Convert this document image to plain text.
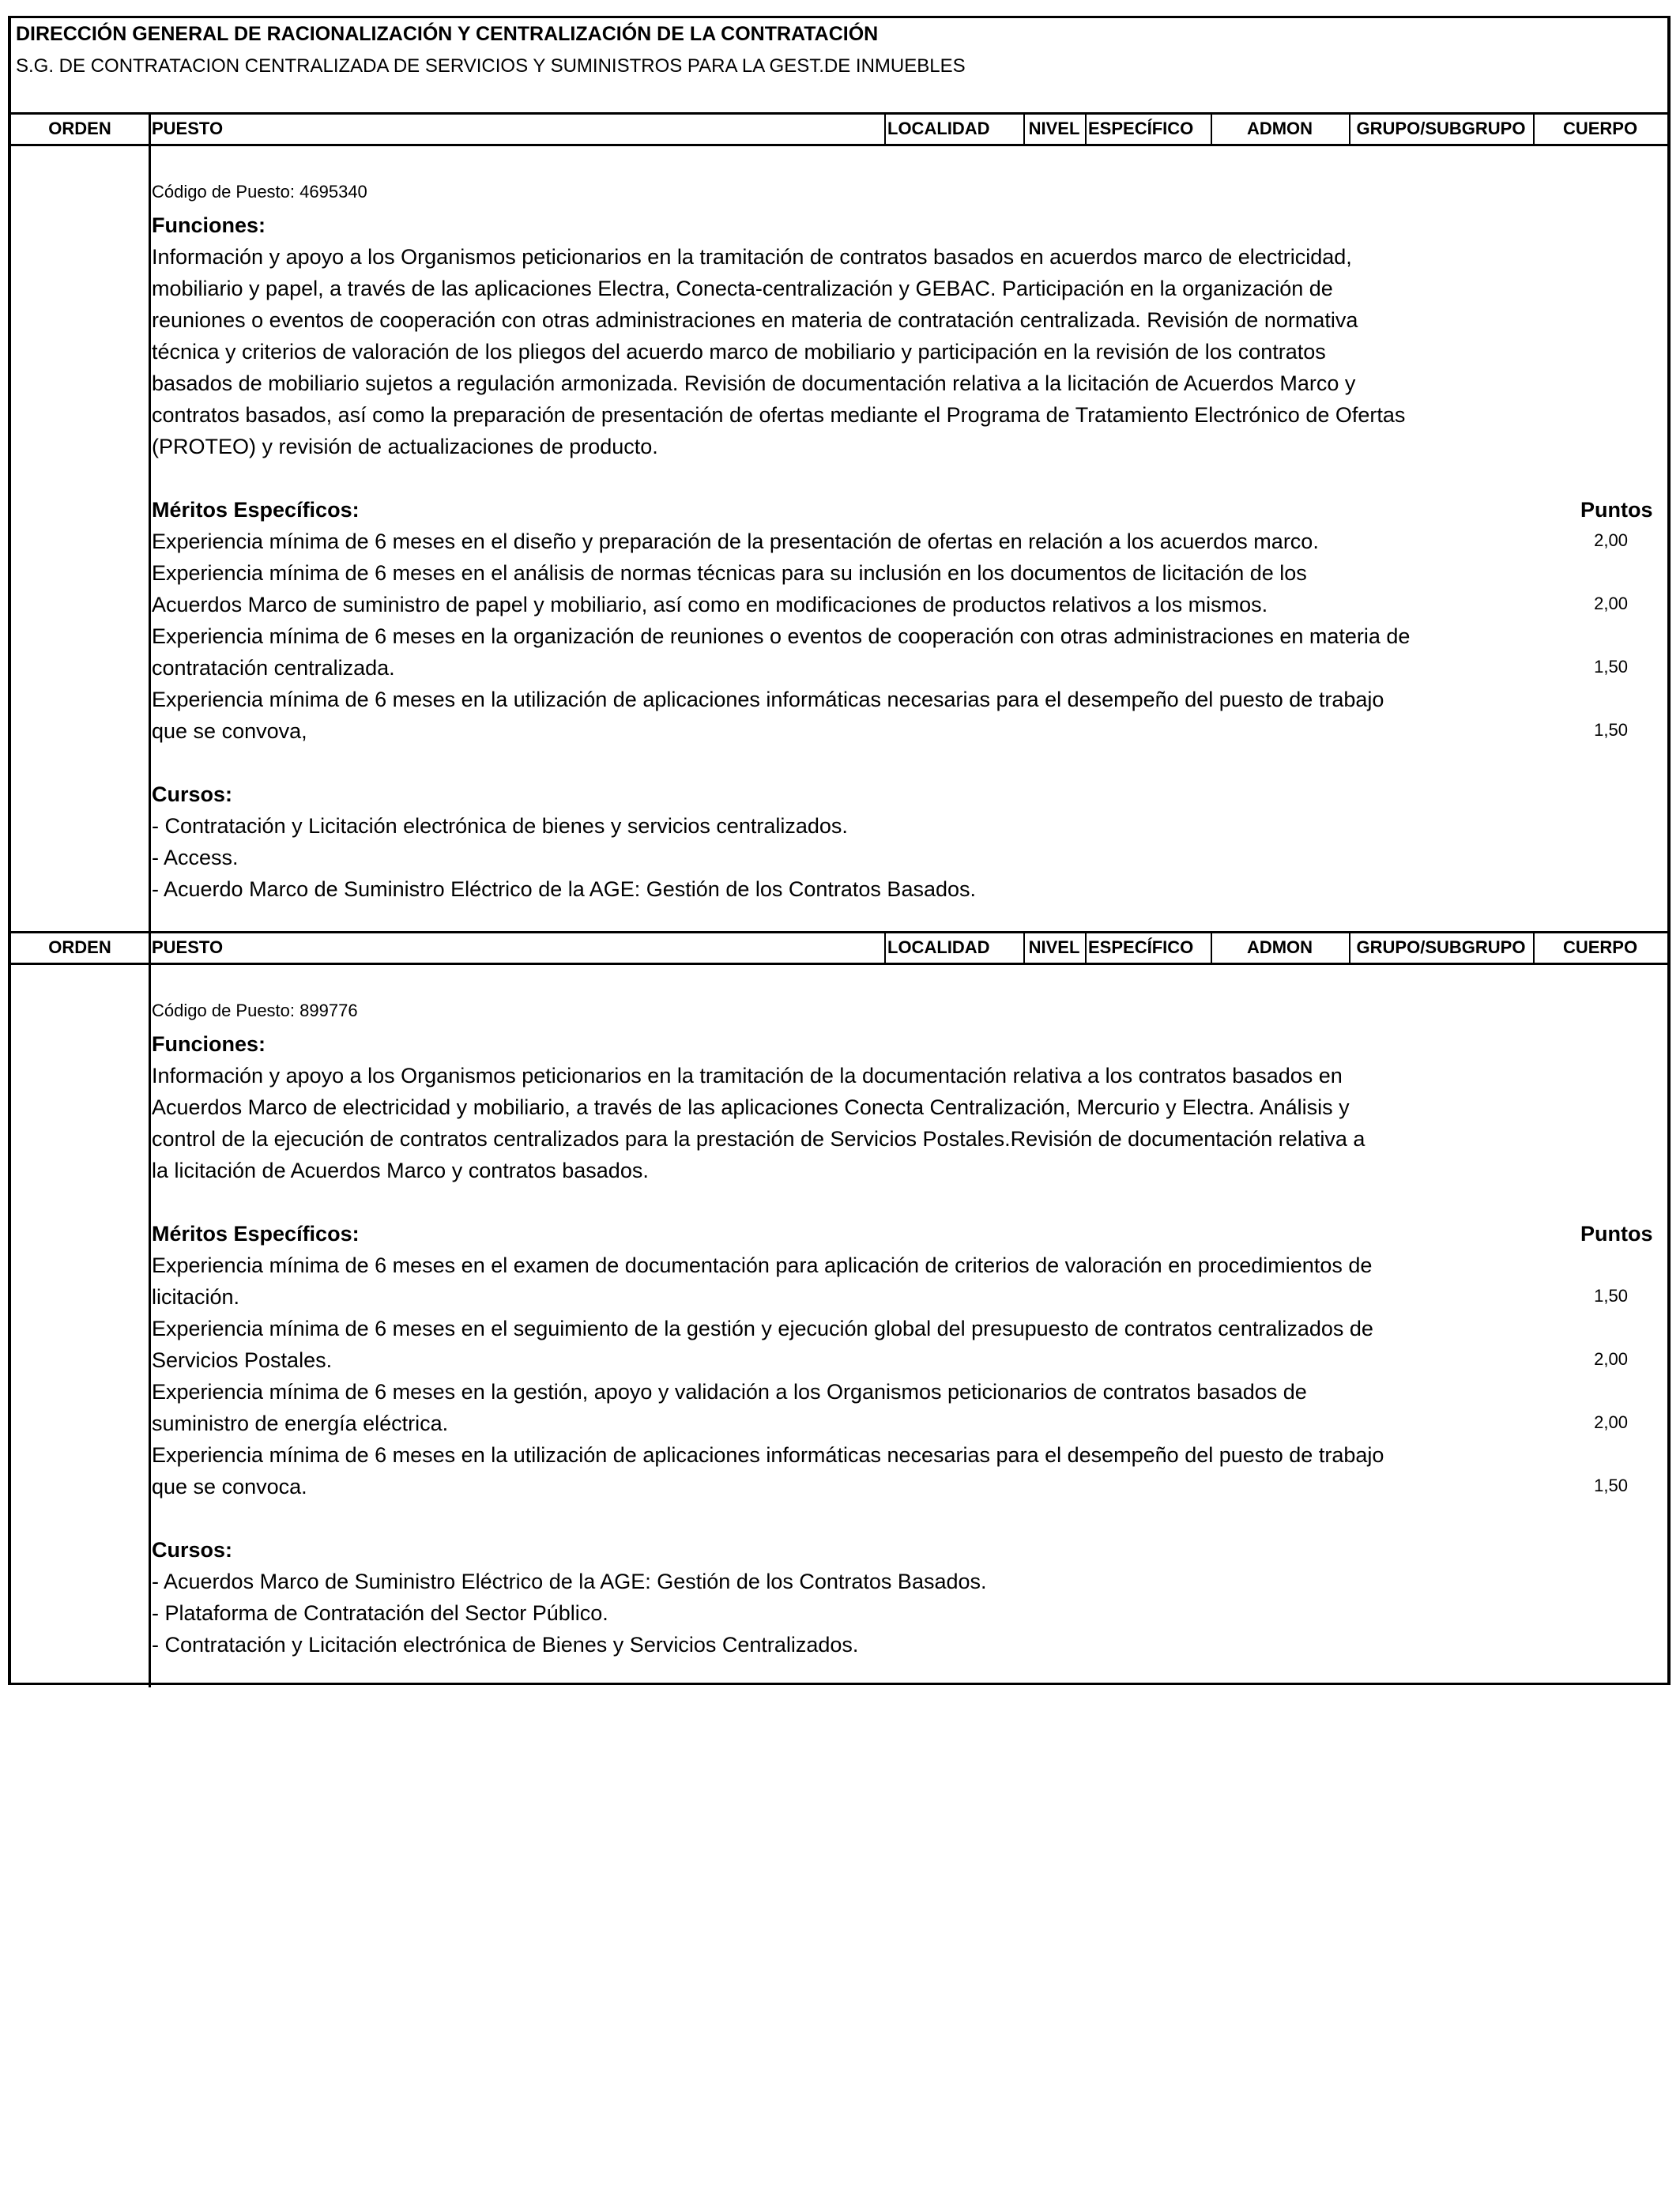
DIRECCIÓN GENERAL DE RACIONALIZACIÓN Y CENTRALIZACIÓN DE LA CONTRATACIÓN
S.G. DE CONTRATACION CENTRALIZADA DE SERVICIOS Y SUMINISTROS PARA LA GEST.DE INMUEBLES
ORDEN	PUESTO	LOCALIDAD	NIVEL ESPECÍFICO	ADMON	GRUPO/SUBGRUPO	CUERPO
Código de Puesto: 4695340
Funciones:
Información y apoyo a los Organismos peticionarios en la tramitación de contratos basados en acuerdos marco de electricidad,
mobiliario y papel, a través de las aplicaciones Electra, Conecta-centralización y GEBAC. Participación en la organización de
reuniones o eventos de cooperación con otras administraciones en materia de contratación centralizada. Revisión de normativa
técnica y criterios de valoración de los pliegos del acuerdo marco de mobiliario y participación en la revisión de los contratos
basados de mobiliario sujetos a regulación armonizada. Revisión de documentación relativa a la licitación de Acuerdos Marco y
contratos basados, así como la preparación de presentación de ofertas mediante el Programa de Tratamiento Electrónico de Ofertas
(PROTEO) y revisión de actualizaciones de producto.
Méritos Específicos:	Puntos
Experiencia mínima de 6 meses en el diseño y preparación de la presentación de ofertas en relación a los acuerdos marco.	2,00
Experiencia mínima de 6 meses en el análisis de normas técnicas para su inclusión en los documentos de licitación de los
Acuerdos Marco de suministro de papel y mobiliario, así como en modificaciones de productos relativos a los mismos.	2,00
Experiencia mínima de 6 meses en la organización de reuniones o eventos de cooperación con otras administraciones en materia de
contratación centralizada.	1,50
Experiencia mínima de 6 meses en la utilización de aplicaciones informáticas necesarias para el desempeño del puesto de trabajo
que se convova,	1,50
Cursos:
- Contratación y Licitación electrónica de bienes y servicios centralizados.
- Access.
- Acuerdo Marco de Suministro Eléctrico de la AGE: Gestión de los Contratos Basados.
ORDEN	PUESTO	LOCALIDAD	NIVEL ESPECÍFICO	ADMON	GRUPO/SUBGRUPO	CUERPO
Código de Puesto: 899776
Funciones:
Información y apoyo a los Organismos peticionarios en la tramitación de la documentación relativa a los contratos basados en
Acuerdos Marco de electricidad y mobiliario, a través de las aplicaciones Conecta Centralización, Mercurio y Electra. Análisis y
control de la ejecución de contratos centralizados para la prestación de Servicios Postales.Revisión de documentación relativa a
la licitación de Acuerdos Marco y contratos basados.
Méritos Específicos:	Puntos
Experiencia mínima de 6 meses en el examen de documentación para aplicación de criterios de valoración en procedimientos de
licitación.	1,50
Experiencia mínima de 6 meses en el seguimiento de la gestión y ejecución global del presupuesto de contratos centralizados de
Servicios Postales.	2,00
Experiencia mínima de 6 meses en la gestión, apoyo y validación a los Organismos peticionarios de contratos basados de
suministro de energía eléctrica.	2,00
Experiencia mínima de 6 meses en la utilización de aplicaciones informáticas necesarias para el desempeño del puesto de trabajo
que se convoca.	1,50
Cursos:
- Acuerdos Marco de Suministro Eléctrico de la AGE: Gestión de los Contratos Basados.
- Plataforma de Contratación del Sector Público.
- Contratación y Licitación electrónica de Bienes y Servicios Centralizados.
